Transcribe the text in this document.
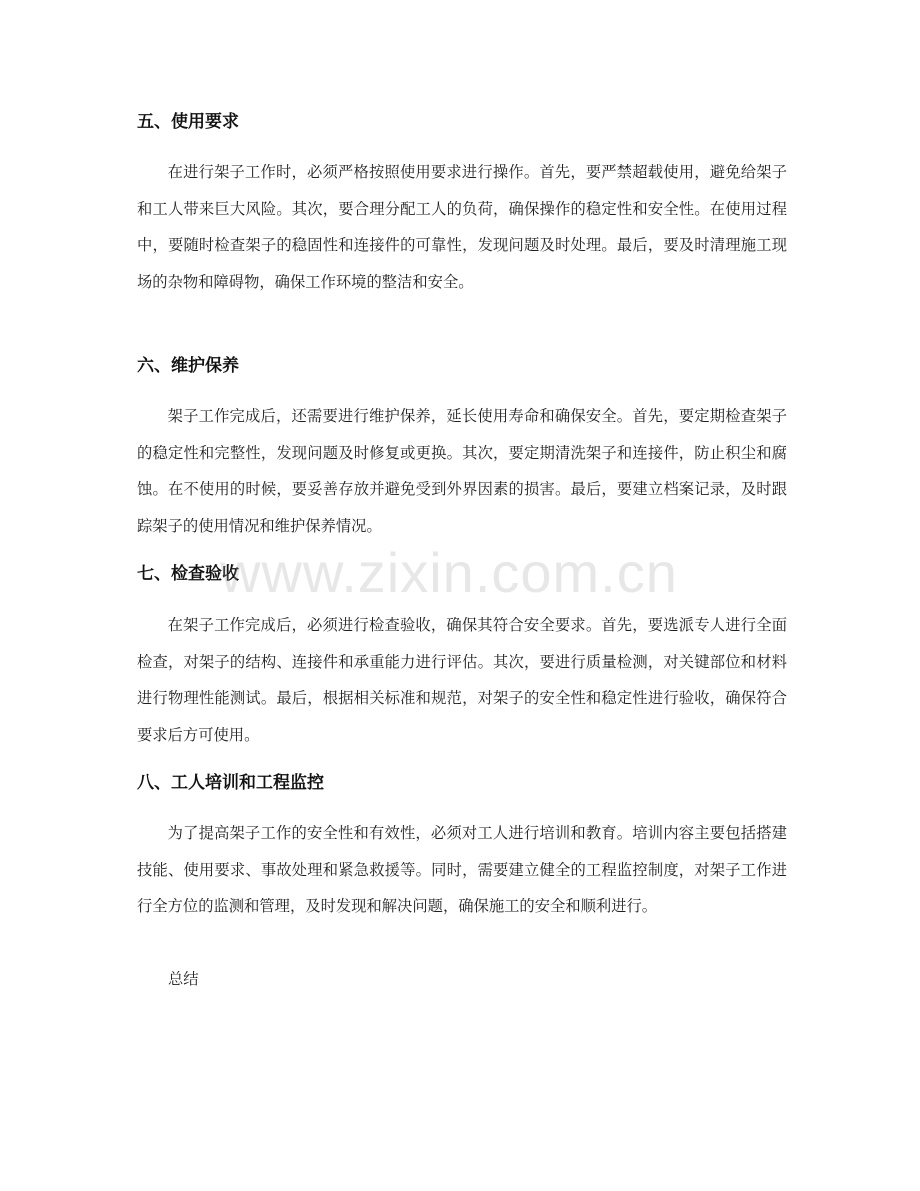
五、使用要求

在进行架子工作时，必须严格按照使用要求进行操作。首先，要严禁超载使用，避免给架子和工人带来巨大风险。其次，要合理分配工人的负荷，确保操作的稳定性和安全性。在使用过程中，要随时检查架子的稳固性和连接件的可靠性，发现问题及时处理。最后，要及时清理施工现场的杂物和障碍物，确保工作环境的整洁和安全。

六、维护保养

架子工作完成后，还需要进行维护保养，延长使用寿命和确保安全。首先，要定期检查架子的稳定性和完整性，发现问题及时修复或更换。其次，要定期清洗架子和连接件，防止积尘和腐蚀。在不使用的时候，要妥善存放并避免受到外界因素的损害。最后，要建立档案记录，及时跟踪架子的使用情况和维护保养情况。

七、检查验收

在架子工作完成后，必须进行检查验收，确保其符合安全要求。首先，要选派专人进行全面检查，对架子的结构、连接件和承重能力进行评估。其次，要进行质量检测，对关键部位和材料进行物理性能测试。最后，根据相关标准和规范，对架子的安全性和稳定性进行验收，确保符合要求后方可使用。

八、工人培训和工程监控

为了提高架子工作的安全性和有效性，必须对工人进行培训和教育。培训内容主要包括搭建技能、使用要求、事故处理和紧急救援等。同时，需要建立健全的工程监控制度，对架子工作进行全方位的监测和管理，及时发现和解决问题，确保施工的安全和顺利进行。

总结

www.zixin.com.cn
